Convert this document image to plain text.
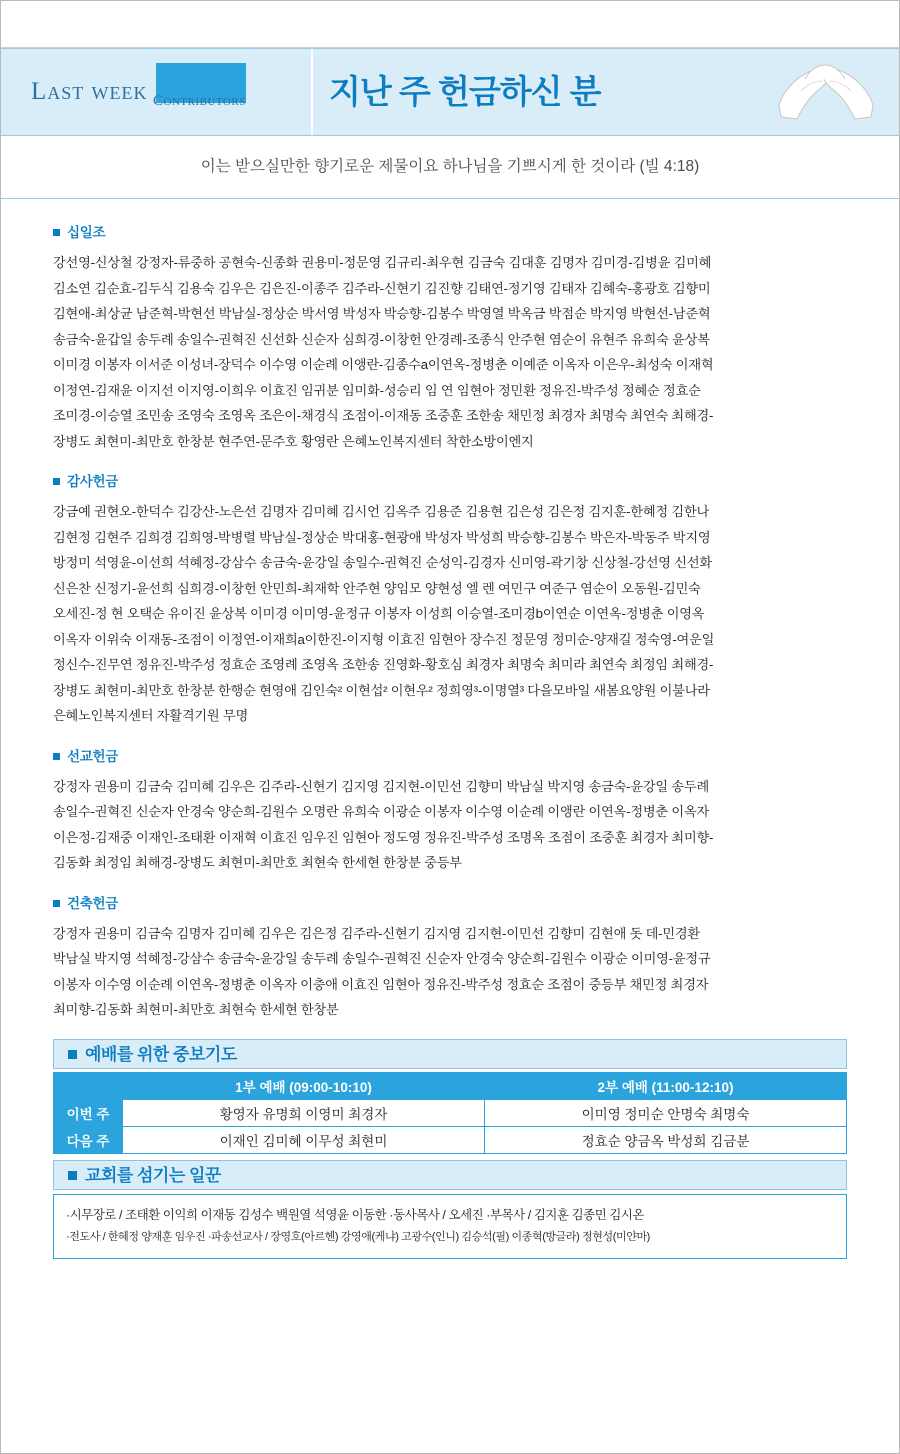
Last week Contributors	지난 주 헌금하신 분
이는 받으실만한 향기로운 제물이요 하나님을 기쁘시게 한 것이라 (빌 4:18)
십일조
강선영-신상철 강정자-류중하 공현숙-신종화 권용미-정문영 김규리-최우현 김금숙 김대훈 김명자 김미경-김병윤 김미혜
김소연 김순효-김두식 김용숙 김우은 김은진-이종주 김주라-신현기 김진향 김태연-정기영 김태자 김혜숙-홍광호 김향미
김현애-최상균 남준혁-박현선 박남실-정상순 박서영 박성자 박승향-김봉수 박영열 박옥금 박점순 박지영 박현선-남준혁
송금숙-윤갑일 송두례 송일수-권혁진 신선화 신순자 심희경-이창헌 안경례-조종식 안주현 염순이 유현주 유희숙 윤상복
이미경 이봉자 이서준 이성녀-장덕수 이수영 이순례 이앵란-김종수a이연옥-정병춘 이예준 이옥자 이은우-최성숙 이재혁
이정연-김재윤 이지선 이지영-이희우 이효진 임귀분 임미화-성승리 임 연 임현아 정민환 정유진-박주성 정혜순 정효순
조미경-이승열 조민송 조영숙 조영옥 조은이-채경식 조점이-이재동 조중훈 조한송 채민정 최경자 최명숙 최연숙 최해경-
장병도 최현미-최만호 한창분 현주연-문주호 황영란 은혜노인복지센터 착한소방이엔지
감사헌금
강금예 권현오-한덕수 김강산-노은선 김명자 김미혜 김시언 김옥주 김용준 김용현 김은성 김은정 김지훈-한혜정 김한나
김현정 김현주 김희경 김희영-박병렬 박남실-정상순 박대홍-현광애 박성자 박성희 박승향-김봉수 박은자-박동주 박지영
방정미 석영윤-이선희 석혜정-강삼수 송금숙-윤강일 송일수-권혁진 순성익-김경자 신미영-곽기창 신상철-강선영 신선화
신은찬 신정기-윤선희 심희경-이창헌 안민희-최재학 안주현 양임모 양현성 엘 렌 여민구 여준구 염순이 오동원-김민숙
오세진-정 현 오택순 유이진 윤상복 이미경 이미영-윤정규 이봉자 이성희 이승열-조미경b이연순 이연옥-정병춘 이영옥
이옥자 이위숙 이재동-조점이 이정연-이재희a이한진-이지형 이효진 임현아 장수진 정문영 정미순-양재길 정숙영-여운일
정신수-진무연 정유진-박주성 정효순 조영례 조영옥 조한송 진영화-황호심 최경자 최명숙 최미라 최연숙 최정임 최해경-
장병도 최현미-최만호 한창분 한행순 현영애 김인숙² 이현섭² 이현우² 정희영³-이명열³ 다을모바일 새봄요양원 이불나라
은혜노인복지센터 자활격기원 무명
선교헌금
강정자 권용미 김금숙 김미혜 김우은 김주라-신현기 김지영 김지현-이민선 김향미 박남실 박지영 송금숙-윤강일 송두례
송일수-권혁진 신순자 안경숙 양순희-김원수 오명란 유희숙 이광순 이봉자 이수영 이순례 이앵란 이연옥-정병춘 이옥자
이은정-김재중 이재인-조태환 이재혁 이효진 임우진 임현아 정도영 정유진-박주성 조명옥 조점이 조중훈 최경자 최미향-
김동화 최정임 최해경-장병도 최현미-최만호 최현숙 한세현 한창분 중등부
건축헌금
강정자 권용미 김금숙 김명자 김미혜 김우은 김은정 김주라-신현기 김지영 김지현-이민선 김향미 김현애 돗 데-민경환
박남실 박지영 석혜정-강삼수 송금숙-윤강일 송두례 송일수-권혁진 신순자 안경숙 양순희-김원수 이광순 이미영-윤정규
이봉자 이수영 이순례 이연옥-정병춘 이옥자 이충애 이효진 임현아 정유진-박주성 정효순 조점이 중등부 채민정 최경자
최미향-김동화 최현미-최만호 최현숙 한세현 한창분
예배를 위한 중보기도
	1부 예배 (09:00-10:10)	2부 예배 (11:00-12:10)
이번 주	황영자 유명희 이영미 최경자	이미영 정미순 안명숙 최명숙
다음 주	이재인 김미혜 이무성 최현미	정효순 양금옥 박성희 김금분
교회를 섬기는 일꾼
·시무장로 / 조태환 이익희 이재동 김성수 백원열 석영윤 이동한 ·동사목사 / 오세진 ·부목사 / 김지훈 김종민 김시온
·전도사 / 한혜정 양재훈 임우진 ·파송선교사 / 장영호(아르헨) 강영애(케냐) 고광수(인니) 김승석(필) 이종혁(방글라) 정현성(미얀마)
